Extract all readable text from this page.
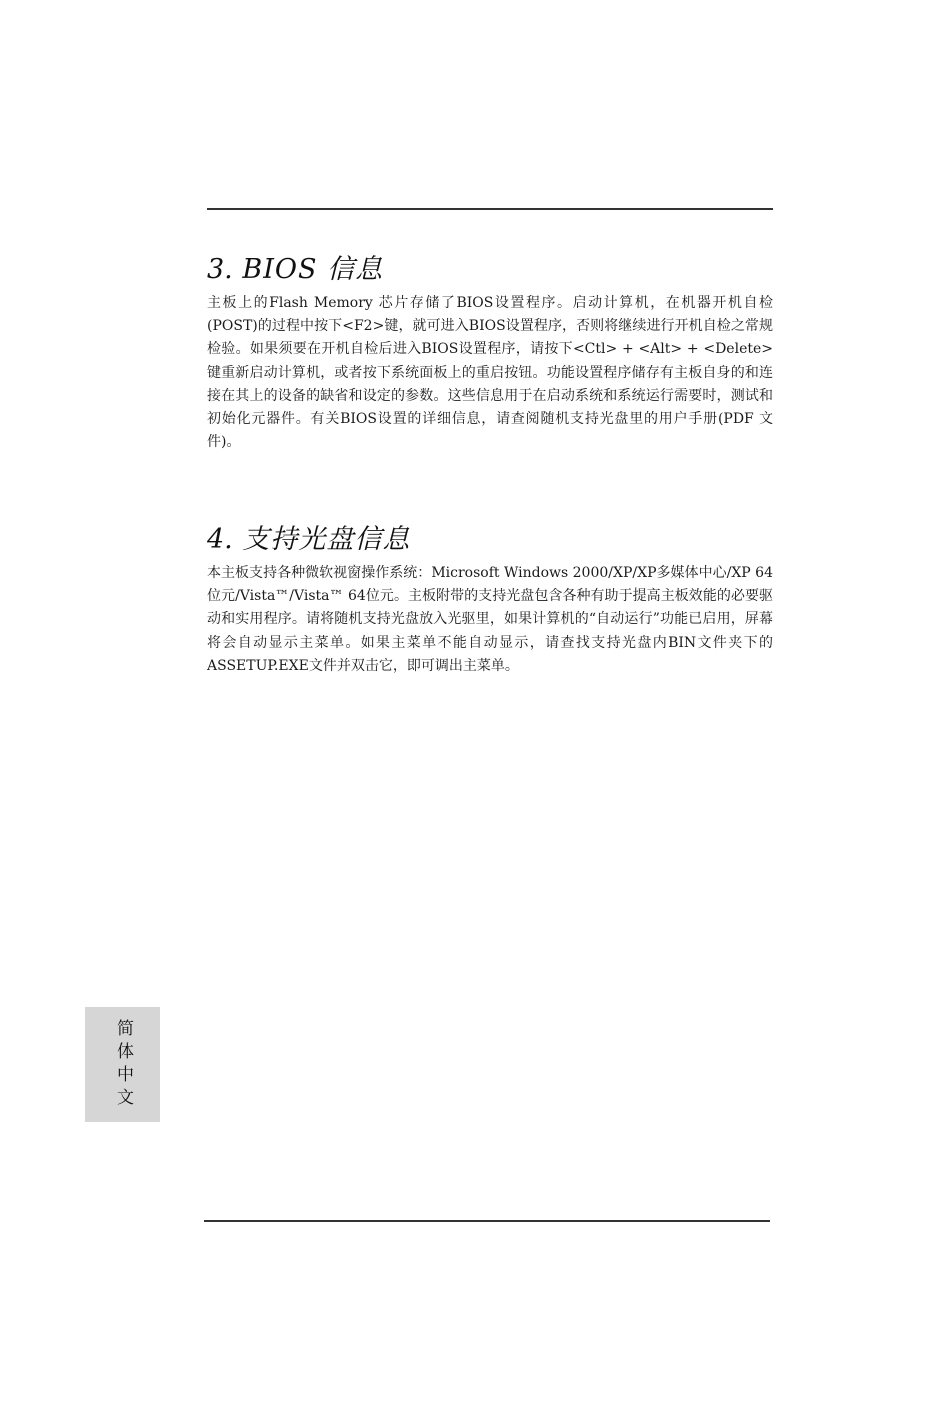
3. BIOS 信息

主板上的Flash Memory 芯片存储了BIOS设置程序。启动计算机，在机器开机自检(POST)的过程中按下<F2>键，就可进入BIOS设置程序，否则将继续进行开机自检之常规检验。如果须要在开机自检后进入BIOS设置程序，请按下<Ctl> + <Alt> + <Delete>键重新启动计算机，或者按下系统面板上的重启按钮。功能设置程序储存有主板自身的和连接在其上的设备的缺省和设定的参数。这些信息用于在启动系统和系统运行需要时，测试和初始化元器件。有关BIOS设置的详细信息，请查阅随机支持光盘里的用户手册(PDF 文件)。

4. 支持光盘信息

本主板支持各种微软视窗操作系统：Microsoft Windows 2000/XP/XP多媒体中心/XP 64位元/Vista™/Vista™ 64位元。主板附带的支持光盘包含各种有助于提高主板效能的必要驱动和实用程序。请将随机支持光盘放入光驱里，如果计算机的“自动运行”功能已启用，屏幕将会自动显示主菜单。如果主菜单不能自动显示，请查找支持光盘内BIN文件夹下的ASSETUP.EXE文件并双击它，即可调出主菜单。

简体中文
